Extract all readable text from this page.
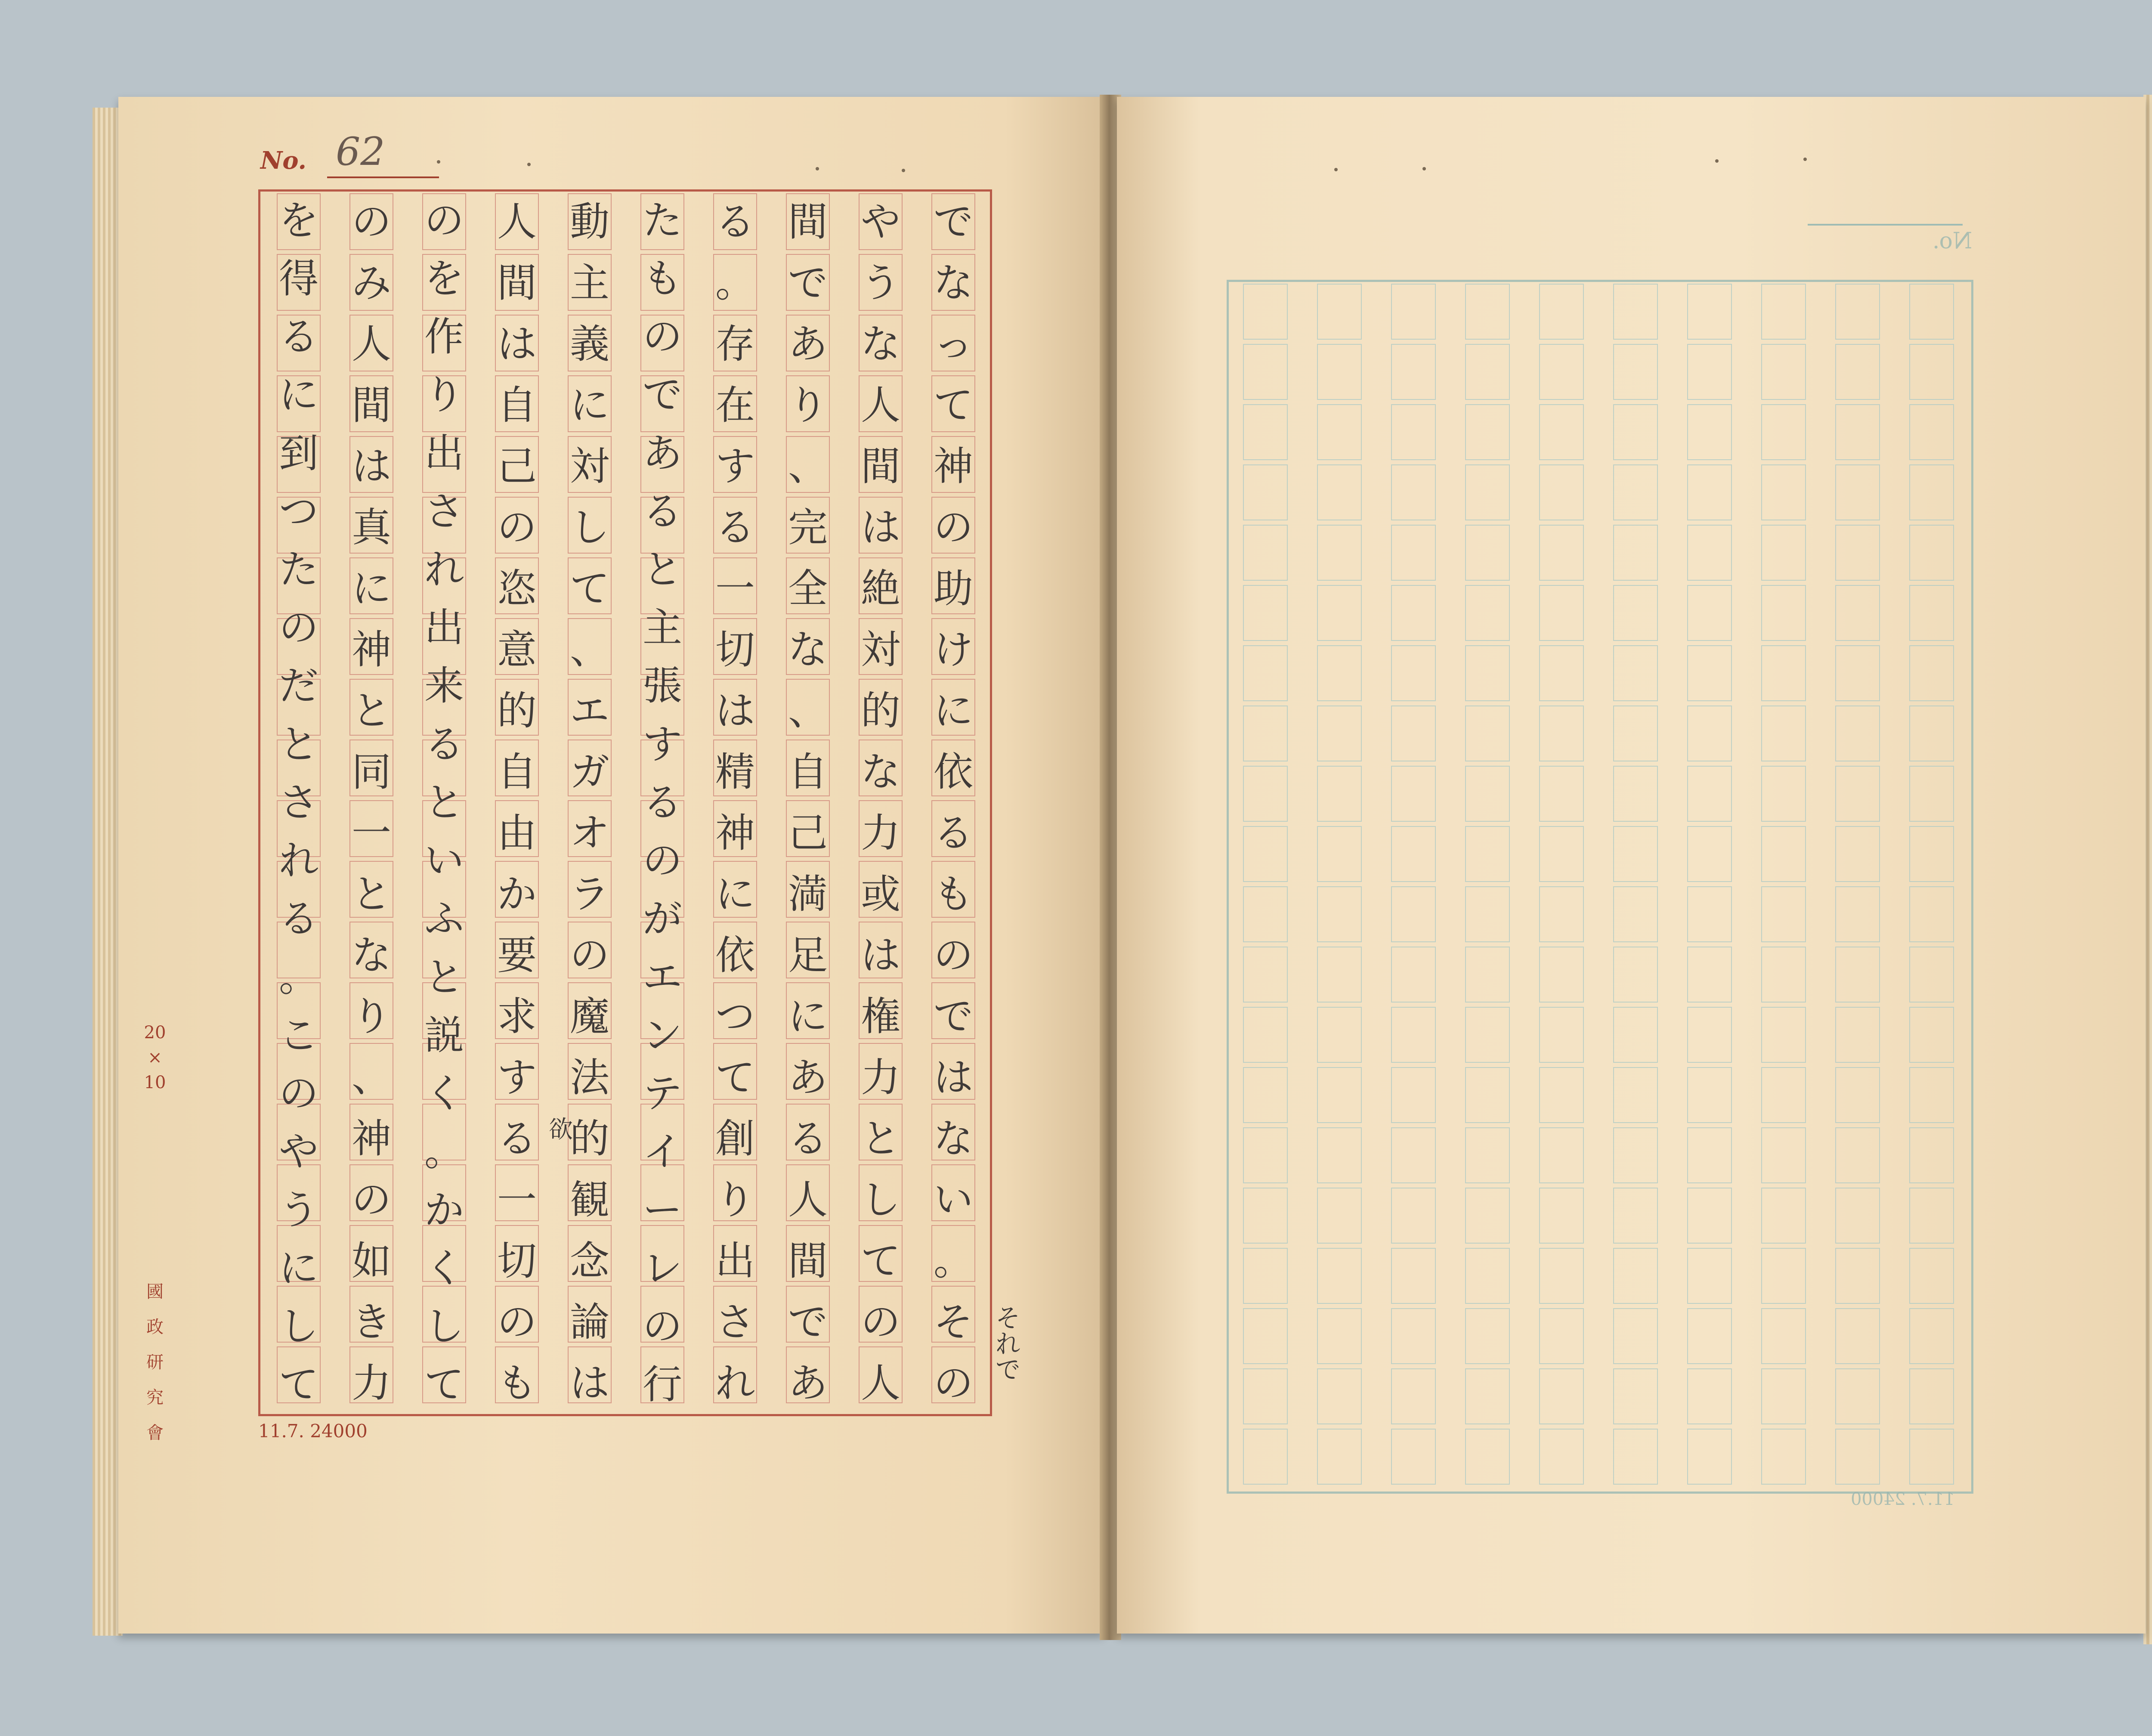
No. 62
で
な
っ
て
神
の
助
け
に
依
る
も
の
で
は
な
い
。
そ
の
や
う
な
人
間
は
絶
対
的
な
力
或
は
権
力
と
し
て
の
人
間
で
あ
り
、
完
全
な
、
自
己
満
足
に
あ
る
人
間
で
あ
る
。
存
在
す
る
一
切
は
精
神
に
依
つ
て
創
り
出
さ
れ
た
も
の
で
あ
る
と
主
張
す
る
の
が
エ
ン
テ
イ
ー
レ
の
行
動
主
義
に
対
し
て
、
エ
ガ
オ
ラ
の
魔
法
的
観
念
論
は
人
間
は
自
己
の
恣
意
的
自
由
か
要
求
す
る
一
切
の
も
の
を
作
り
出
さ
れ
出
来
る
と
い
ふ
と
説
く
。
か
く
し
て
の
み
人
間
は
真
に
神
と
同
一
と
な
り
、
神
の
如
き
力
を
得
る
に
到
つ
た
の
だ
と
さ
れ
る
。
こ
の
や
う
に
し
て
20
×
10
國
政
研
究
會	11.7. 24000
それで
欲
No.
11.7. 24000
